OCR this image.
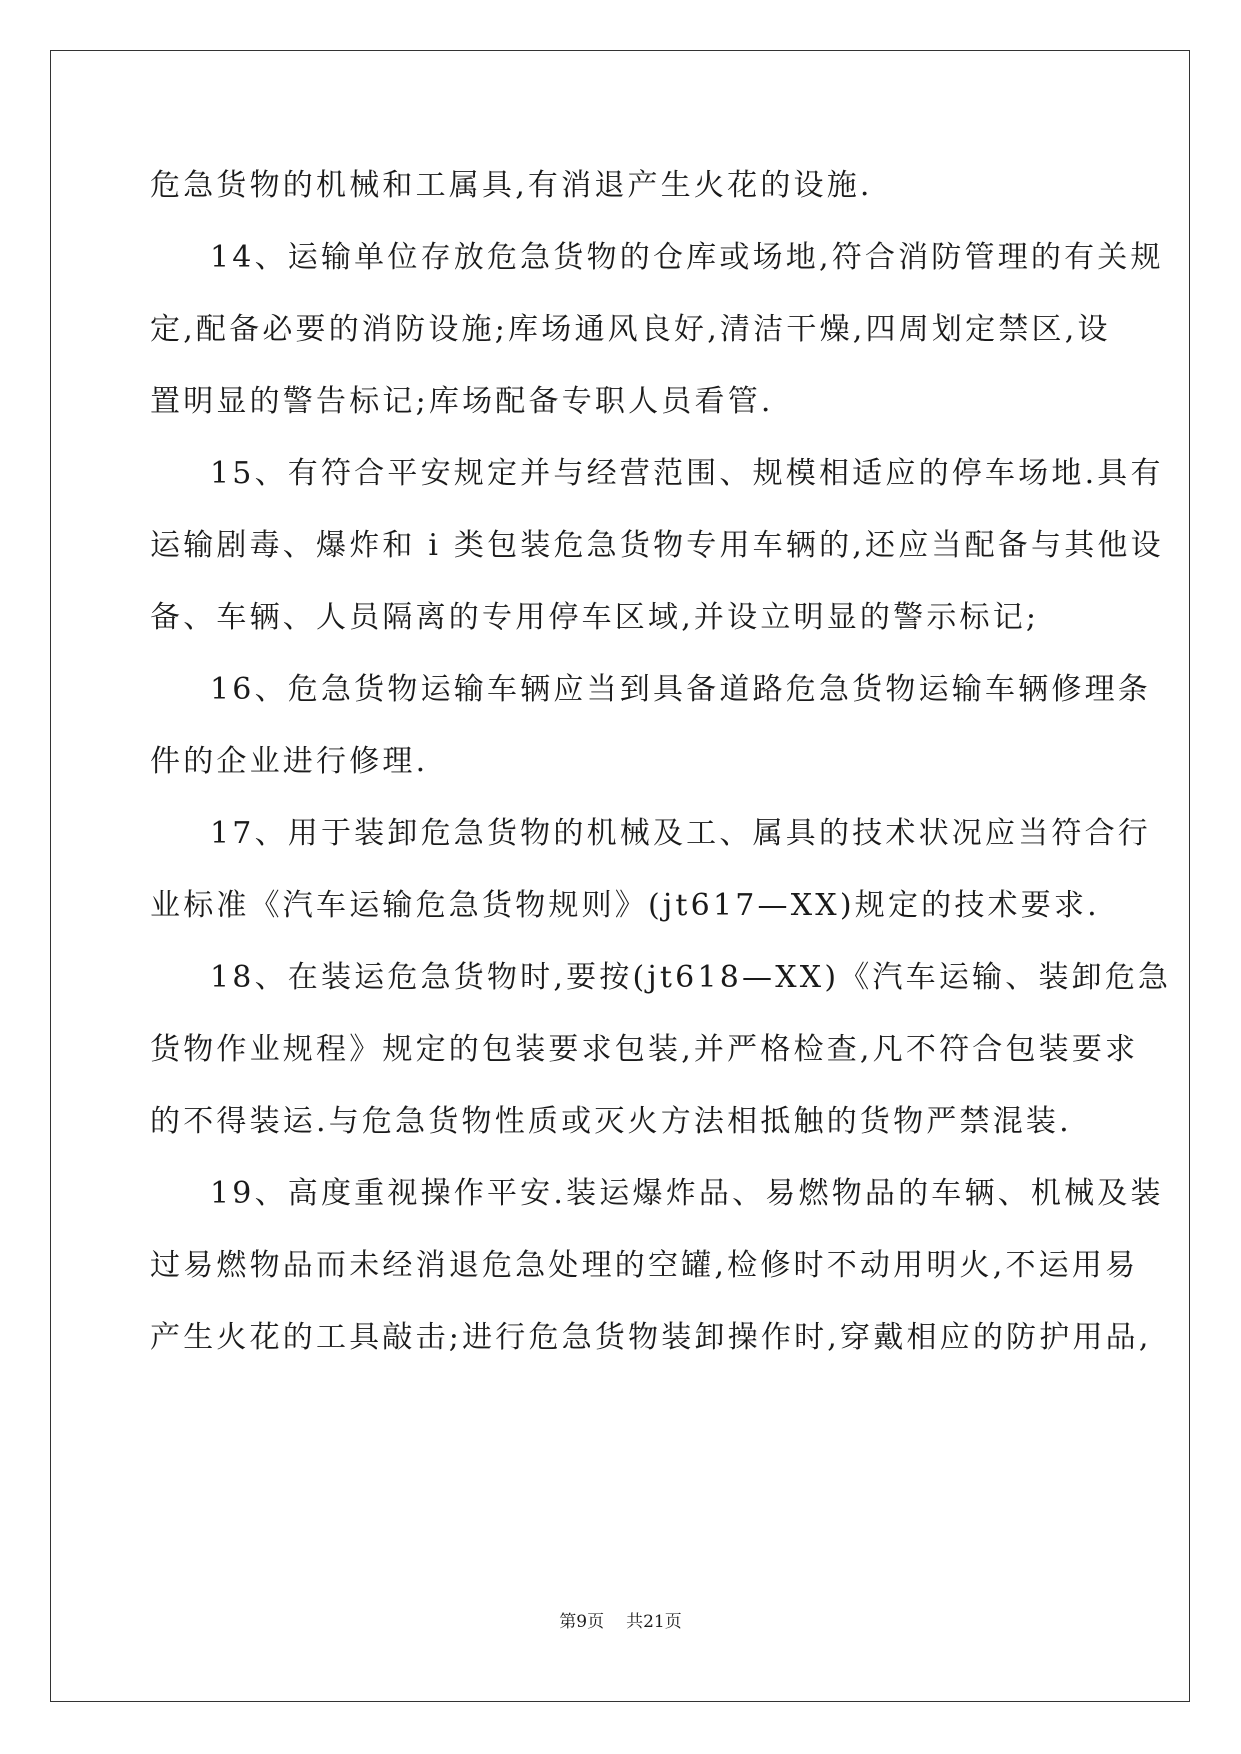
危急货物的机械和工属具,有消退产生火花的设施.
14、运输单位存放危急货物的仓库或场地,符合消防管理的有关规
定,配备必要的消防设施;库场通风良好,清洁干燥,四周划定禁区,设
置明显的警告标记;库场配备专职人员看管.
15、有符合平安规定并与经营范围、规模相适应的停车场地.具有
运输剧毒、爆炸和 i 类包装危急货物专用车辆的,还应当配备与其他设
备、车辆、人员隔离的专用停车区域,并设立明显的警示标记;
16、危急货物运输车辆应当到具备道路危急货物运输车辆修理条
件的企业进行修理.
17、用于装卸危急货物的机械及工、属具的技术状况应当符合行
业标准《汽车运输危急货物规则》(jt617—XX)规定的技术要求.
18、在装运危急货物时,要按(jt618—XX)《汽车运输、装卸危急
货物作业规程》规定的包装要求包装,并严格检查,凡不符合包装要求
的不得装运.与危急货物性质或灭火方法相抵触的货物严禁混装.
19、高度重视操作平安.装运爆炸品、易燃物品的车辆、机械及装
过易燃物品而未经消退危急处理的空罐,检修时不动用明火,不运用易
产生火花的工具敲击;进行危急货物装卸操作时,穿戴相应的防护用品,
第9页 共21页
